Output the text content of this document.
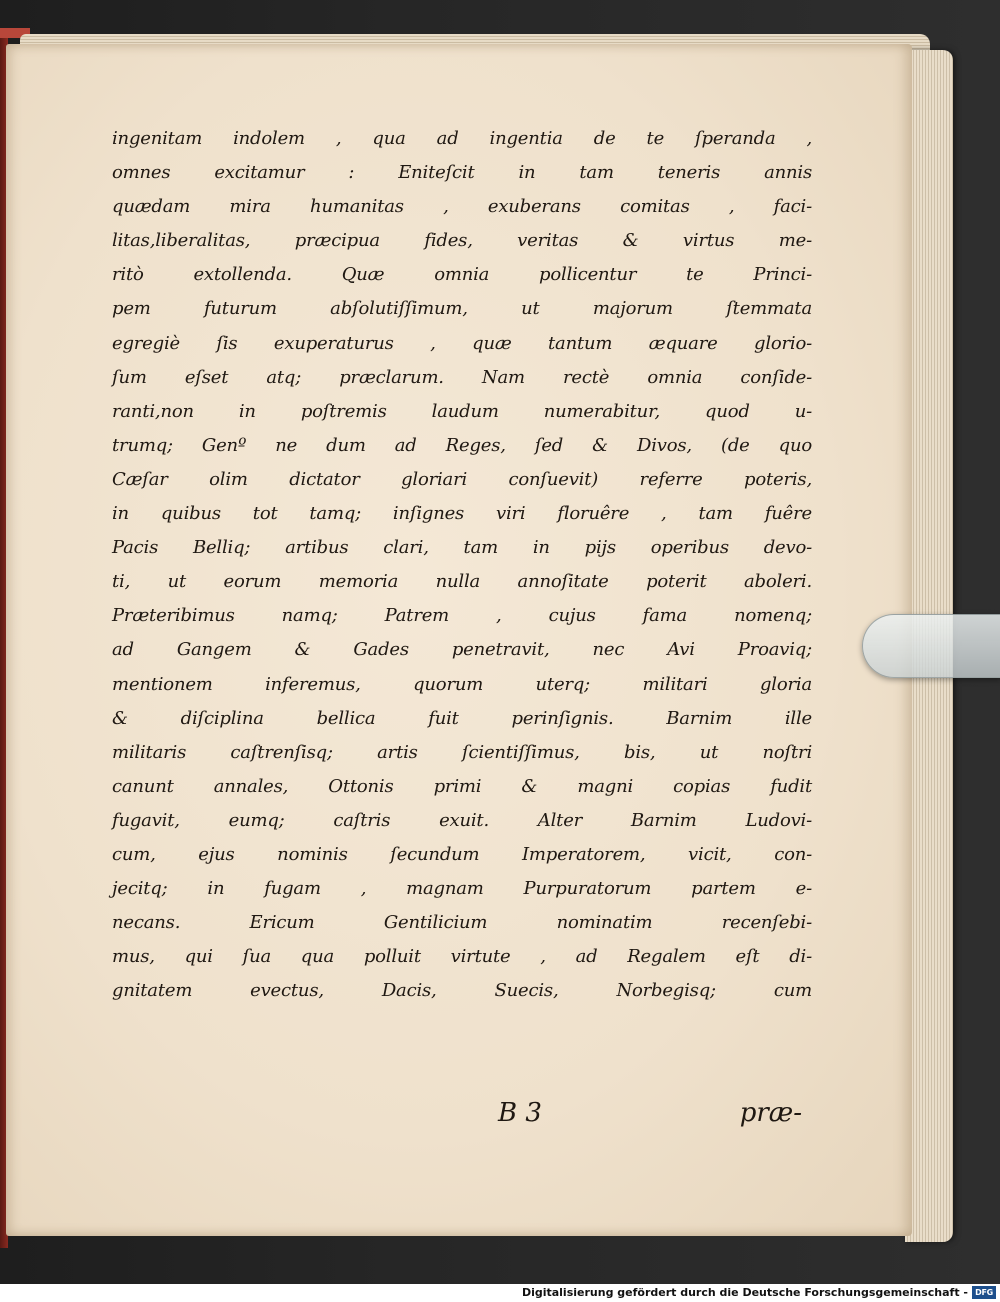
ingenitam indolem , qua ad ingentia de te ſperanda ,
omnes excitamur : Eniteſcit in tam teneris annis
quædam mira humanitas , exuberans comitas , faci-
litas,liberalitas, præcipua fides, veritas & virtus me-
ritò extollenda. Quæ omnia pollicentur te Princi-
pem futurum abſolutiſſimum, ut majorum ſtemmata
egregiè ſis exuperaturus , quæ tantum æquare glorio-
ſum eſset atq; præclarum. Nam rectè omnia conſide-
ranti,non in poſtremis laudum numerabitur, quod u-
trumq; Genº ne dum ad Reges, ſed & Divos, (de quo
Cæſar olim dictator gloriari conſuevit) referre poteris,
in quibus tot tamq; inſignes viri floruêre , tam fuêre
Pacis Belliq; artibus clari, tam in pijs operibus devo-
ti, ut eorum memoria nulla annoſitate poterit aboleri.
Præteribimus namq; Patrem , cujus fama nomenq;
ad Gangem & Gades penetravit, nec Avi Proaviq;
mentionem inferemus, quorum uterq; militari gloria
& diſciplina bellica fuit perinſignis. Barnim ille
militaris caſtrenſisq; artis ſcientiſſimus, bis, ut noſtri
canunt annales, Ottonis primi & magni copias fudit
fugavit, eumq; caſtris exuit. Alter Barnim Ludovi-
cum, ejus nominis ſecundum Imperatorem, vicit, con-
jecitq; in fugam , magnam Purpuratorum partem e-
necans. Ericum Gentilicium nominatim recenſebi-
mus, qui ſua qua polluit virtute , ad Regalem eſt di-
gnitatem evectus, Dacis, Suecis, Norbegisq; cum
B 3	præ-
Digitalisierung gefördert durch die Deutsche Forschungsgemeinschaft - DFG
